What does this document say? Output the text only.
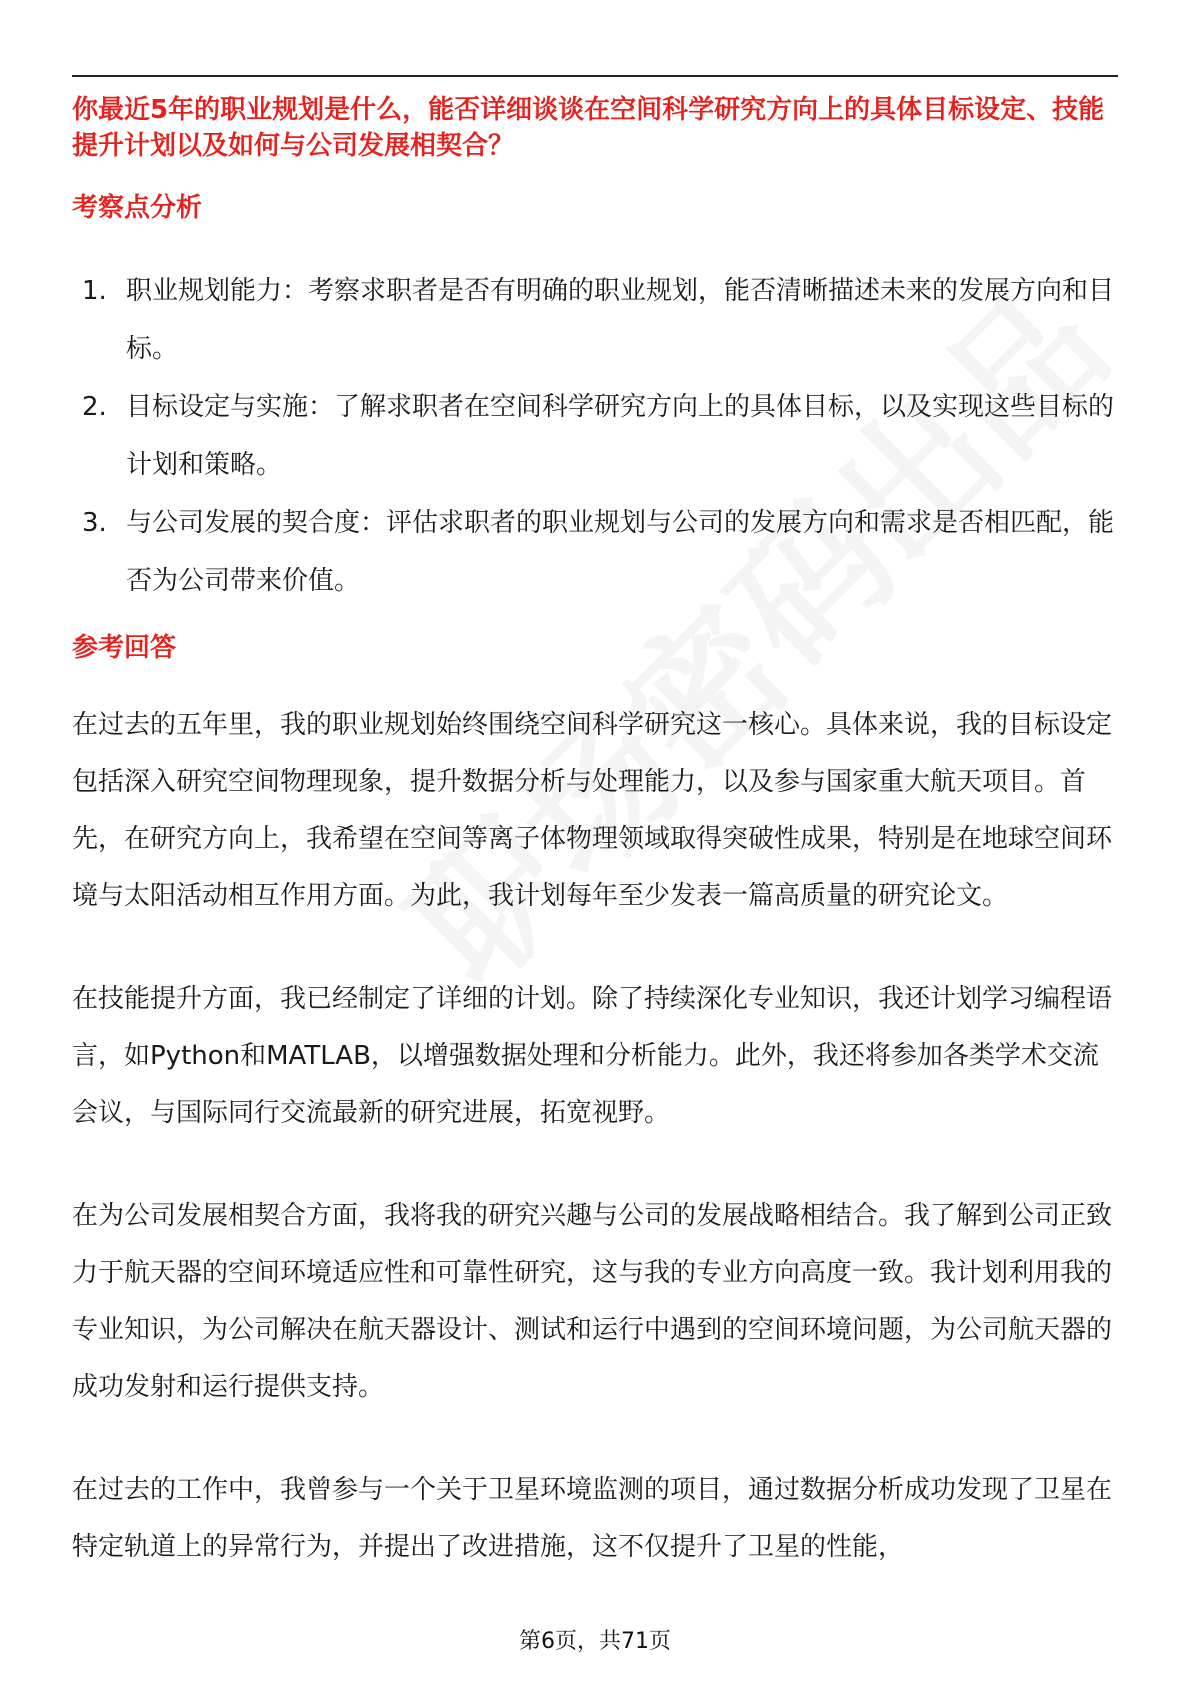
你最近5年的职业规划是什么，能否详细谈谈在空间科学研究方向上的具体目标设定、技能提升计划以及如何与公司发展相契合？

考察点分析
1. 职业规划能力：考察求职者是否有明确的职业规划，能否清晰描述未来的发展方向和目标。
2. 目标设定与实施：了解求职者在空间科学研究方向上的具体目标，以及实现这些目标的计划和策略。
3. 与公司发展的契合度：评估求职者的职业规划与公司的发展方向和需求是否相匹配，能否为公司带来价值。
参考回答

在过去的五年里，我的职业规划始终围绕空间科学研究这一核心。具体来说，我的目标设定包括深入研究空间物理现象，提升数据分析与处理能力，以及参与国家重大航天项目。首先，在研究方向上，我希望在空间等离子体物理领域取得突破性成果，特别是在地球空间环境与太阳活动相互作用方面。为此，我计划每年至少发表一篇高质量的研究论文。

在技能提升方面，我已经制定了详细的计划。除了持续深化专业知识，我还计划学习编程语言，如Python和MATLAB，以增强数据处理和分析能力。此外，我还将参加各类学术交流会议，与国际同行交流最新的研究进展，拓宽视野。

在为公司发展相契合方面，我将我的研究兴趣与公司的发展战略相结合。我了解到公司正致力于航天器的空间环境适应性和可靠性研究，这与我的专业方向高度一致。我计划利用我的专业知识，为公司解决在航天器设计、测试和运行中遇到的空间环境问题，为公司航天器的成功发射和运行提供支持。

在过去的工作中，我曾参与一个关于卫星环境监测的项目，通过数据分析成功发现了卫星在特定轨道上的异常行为，并提出了改进措施，这不仅提升了卫星的性能，

第6页，共71页
